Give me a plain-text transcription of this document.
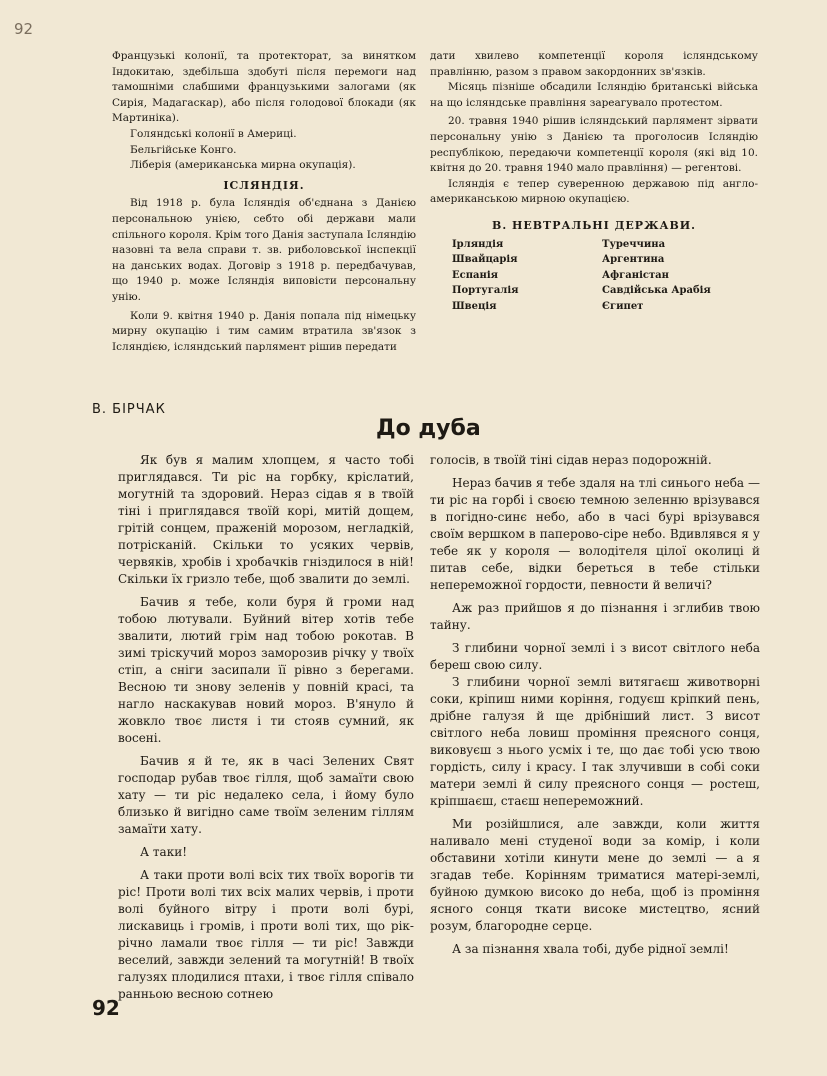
92

Французькі колонії, та протекторат, за винятком Індокитаю, здебільша здобуті після перемоги над тамошніми слабшими французькими залогами (як Сирія, Мадагаскар), або після голодової блокади (як Мартиніка).

Голяндські колонії в Америці.

Бельгійське Конго.

Ліберія (американська мирна окупація).

ІСЛЯНДІЯ.

Від 1918 р. була Ісляндія об'єднана з Данією персональною унією, себто обі держави мали спільного короля. Крім того Данія заступала Ісляндію назовні та вела справи т. зв. риболовської інспекції на данських водах. Договір з 1918 р. передбачував, що 1940 р. може Ісляндія виповісти персональну унію.

Коли 9. квітня 1940 р. Данія попала під німецьку мирну окупацію і тим самим втратила зв'язок з Ісляндією, ісляндський парлямент рішив передати

дати хвилево компетенції короля ісляндському правлінню, разом з правом закордонних зв'язків.

Місяць пізніше обсадили Ісляндію британські війська на що ісляндське правління зареагувало протестом.

20. травня 1940 рішив ісляндський парлямент зірвати персональну унію з Данією та проголосив Ісляндію республікою, передаючи компетенції короля (які від 10. квітня до 20. травня 1940 мало правління) — регентові.

Ісляндія є тепер суверенною державою під англо-американською мирною окупацією.

В. НЕВТРАЛЬНІ ДЕРЖАВИ.
Ірляндія	Туреччина
Швайцарія	Аргентина
Еспанія	Афганістан
Португалія	Савдійська Арабія
Швеція	Єгипет
В. БІРЧАК
До дуба

Як був я малим хлопцем, я часто тобі приглядався. Ти ріс на горбку, кріслатий, могутній та здоровий. Нераз сідав я в твоїй тіні і приглядався твоїй корі, митій дощем, грітій сонцем, праженій морозом, негладкій, потрісканій. Скільки то усяких червів, червяків, хробів і хробачків гніздилося в ній! Скільки їх гризло тебе, щоб звалити до землі.

Бачив я тебе, коли буря й громи над тобою лютували. Буйний вітер хотів тебе звалити, лютий грім над тобою рокотав. В зимі тріскучий мороз заморозив річку у твоїх стіп, а сніги засипали її рівно з берегами. Весною ти знову зеленів у повній красі, та нагло наскакував новий мороз. В'януло й жовкло твоє листя і ти стояв сумний, як восені.

Бачив я й те, як в часі Зелених Свят господар рубав твоє гілля, щоб замаїти свою хату — ти ріс недалеко села, і йому було близько й вигідно саме твоїм зеленим гіллям замаїти хату.

А таки!

А таки проти волі всіх тих твоїх ворогів ти ріс! Проти волі тих всіх малих червів, і проти волі буйного вітру і проти волі бурі, лискавиць і громів, і проти волі тих, що рік-річно ламали твоє гілля — ти ріс! Завжди веселий, завжди зелений та могутній! В твоїх галузях плодилися птахи, і твоє гілля співало ранньою весною сотнею

голосів, в твоїй тіні сідав нераз подорожній.

Нераз бачив я тебе здаля на тлі синього неба — ти ріс на горбі і своєю темною зеленню врізувався в погідно-синє небо, або в часі бурі врізувався своїм вершком в паперово-сіре небо. Вдивлявся я у тебе як у короля — володітеля цілої околиці й питав себе, відки береться в тебе стільки непереможної гордости, певности й величі?

Аж раз прийшов я до пізнання і зглибив твою тайну.

З глибини чорної землі і з висот світлого неба береш свою силу.

З глибини чорної землі витягаєш животворні соки, кріпиш ними коріння, годуєш кріпкий пень, дрібне галузя й ще дрібніший лист. З висот світлого неба ловиш проміння преясного сонця, виковуєш з нього усміх і те, що дає тобі усю твою гордість, силу і красу. І так злучивши в собі соки матери землі й силу преясного сонця — ростеш, кріпшаєш, стаєш непереможний.

Ми розійшлися, але завжди, коли життя наливало мені студеної води за комір, і коли обставини хотіли кинути мене до землі — а я згадав тебе. Корінням триматися матері-землі, буйною думкою високо до неба, щоб із проміння ясного сонця ткати високе мистецтво, ясний розум, благородне серце.

А за пізнання хвала тобі, дубе рідної землі!

92
